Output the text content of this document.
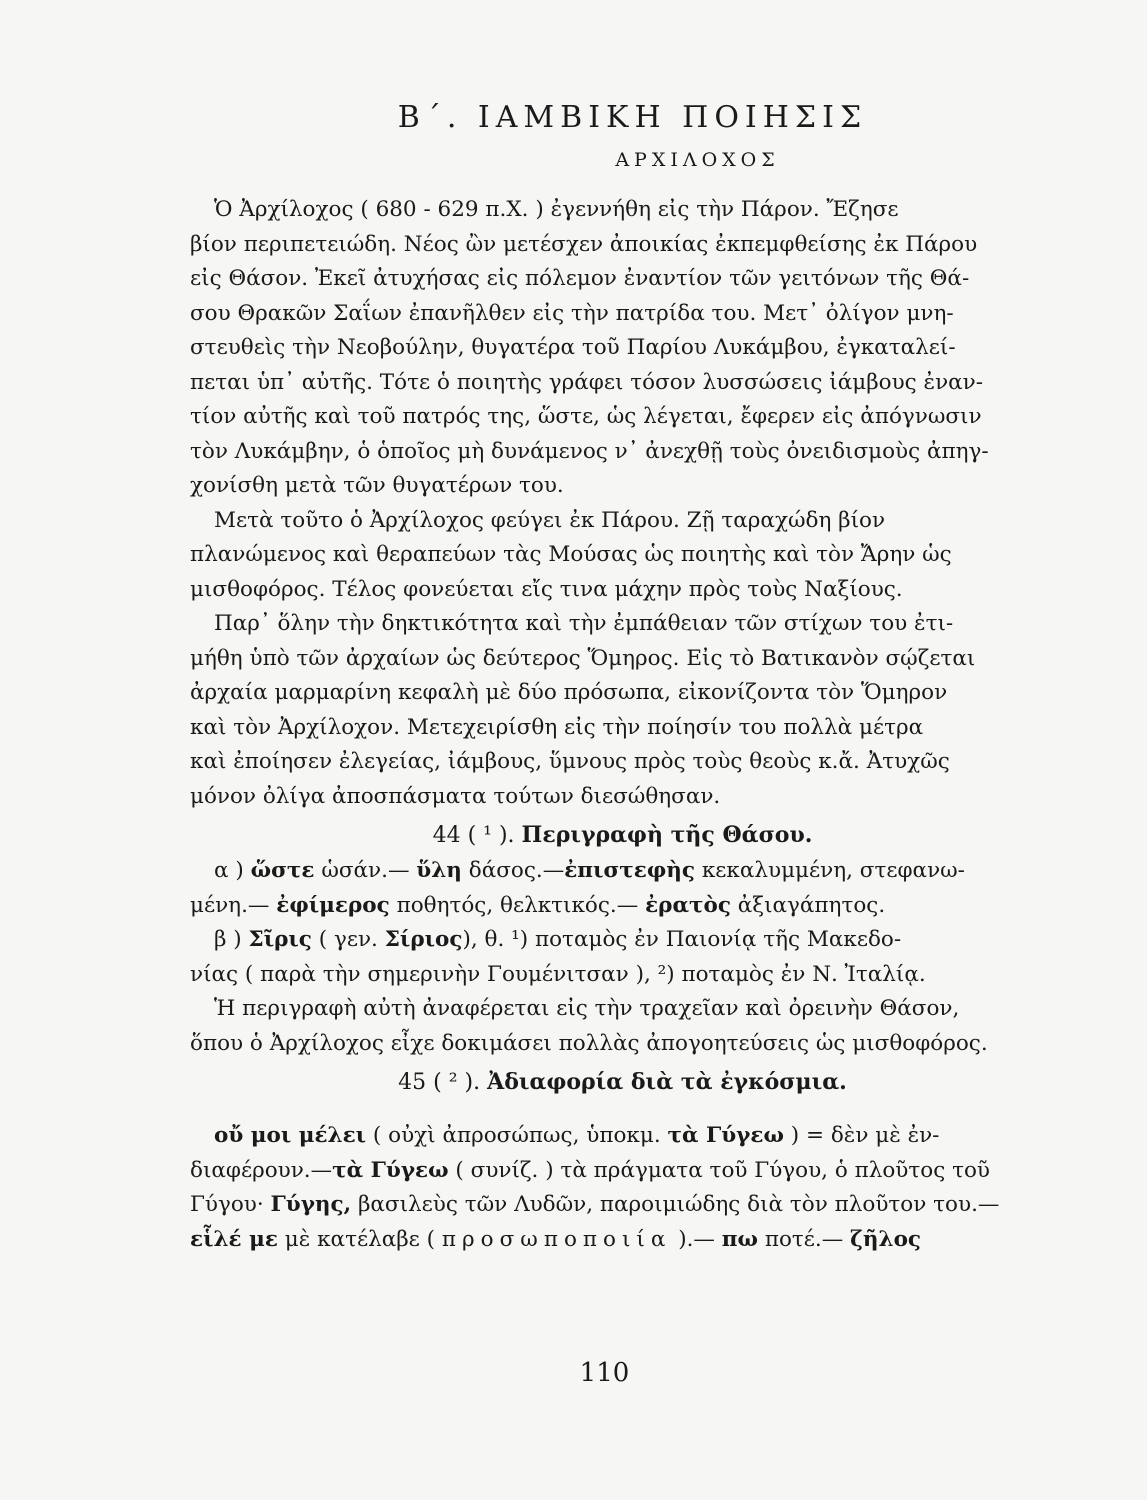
Β΄. ΙΑΜΒΙΚΗ ΠΟΙΗΣΙΣ
ΑΡΧΙΛΟΧΟΣ

Ὁ Ἀρχίλοχος ( 680 - 629 π.Χ. ) ἐγεννήθη εἰς τὴν Πάρον. Ἔζησε
βίον περιπετειώδη. Νέος ὢν μετέσχεν ἀποικίας ἐκπεμφθείσης ἐκ Πάρου
εἰς Θάσον. Ἐκεῖ ἀτυχήσας εἰς πόλεμον ἐναντίον τῶν γειτόνων τῆς Θά-
σου Θρακῶν Σαΐων ἐπανῆλθεν εἰς τὴν πατρίδα του. Μετ᾽ ὀλίγον μνη-
στευθεὶς τὴν Νεοβούλην, θυγατέρα τοῦ Παρίου Λυκάμβου, ἐγκαταλεί-
πεται ὑπ᾽ αὐτῆς. Τότε ὁ ποιητὴς γράφει τόσον λυσσώσεις ἰάμβους ἐναν-
τίον αὐτῆς καὶ τοῦ πατρός της, ὥστε, ὡς λέγεται, ἔφερεν εἰς ἀπόγνωσιν
τὸν Λυκάμβην, ὁ ὁποῖος μὴ δυνάμενος ν᾽ ἀνεχθῇ τοὺς ὀνειδισμοὺς ἀπηγ-
χονίσθη μετὰ τῶν θυγατέρων του.

Μετὰ τοῦτο ὁ Ἀρχίλοχος φεύγει ἐκ Πάρου. Ζῇ ταραχώδη βίον
πλανώμενος καὶ θεραπεύων τὰς Μούσας ὡς ποιητὴς καὶ τὸν Ἄρην ὡς
μισθοφόρος. Τέλος φονεύεται εἴς τινα μάχην πρὸς τοὺς Ναξίους.

Παρ᾽ ὅλην τὴν δηκτικότητα καὶ τὴν ἐμπάθειαν τῶν στίχων του ἐτι-
μήθη ὑπὸ τῶν ἀρχαίων ὡς δεύτερος Ὅμηρος. Εἰς τὸ Βατικανὸν σῴζεται
ἀρχαία μαρμαρίνη κεφαλὴ μὲ δύο πρόσωπα, εἰκονίζοντα τὸν Ὅμηρον
καὶ τὸν Ἀρχίλοχον. Μετεχειρίσθη εἰς τὴν ποίησίν του πολλὰ μέτρα
καὶ ἐποίησεν ἐλεγείας, ἰάμβους, ὕμνους πρὸς τοὺς θεοὺς κ.ἄ. Ἀτυχῶς
μόνον ὀλίγα ἀποσπάσματα τούτων διεσώθησαν.

44 ( ¹ ). Περιγραφὴ τῆς Θάσου.

α ) ὥστε ὡσάν.— ὕλη δάσος.—ἐπιστεφὴς κεκαλυμμένη, στεφανω-
μένη.— ἐφίμερος ποθητός, θελκτικός.— ἐρατὸς ἀξιαγάπητος.

β ) Σῖρις ( γεν. Σίριος), θ. ¹) ποταμὸς ἐν Παιονίᾳ τῆς Μακεδο-
νίας ( παρὰ τὴν σημερινὴν Γουμένιτσαν ), ²) ποταμὸς ἐν Ν. Ἰταλίᾳ.

Ἡ περιγραφὴ αὐτὴ ἀναφέρεται εἰς τὴν τραχεῖαν καὶ ὀρεινὴν Θάσον,
ὅπου ὁ Ἀρχίλοχος εἶχε δοκιμάσει πολλὰς ἀπογοητεύσεις ὡς μισθοφόρος.

45 ( ² ). Ἀδιαφορία διὰ τὰ ἐγκόσμια.

οὔ μοι μέλει ( οὐχὶ ἀπροσώπως, ὑποκμ. τὰ Γύγεω ) = δὲν μὲ ἐν-
διαφέρουν.—τὰ Γύγεω ( συνίζ. ) τὰ πράγματα τοῦ Γύγου, ὁ πλοῦτος τοῦ
Γύγου· Γύγης, βασιλεὺς τῶν Λυδῶν, παροιμιώδης διὰ τὸν πλοῦτον του.—
εἷλέ με μὲ κατέλαβε ( προσωποποιία ).— πω ποτέ.— ζῆλος

110
